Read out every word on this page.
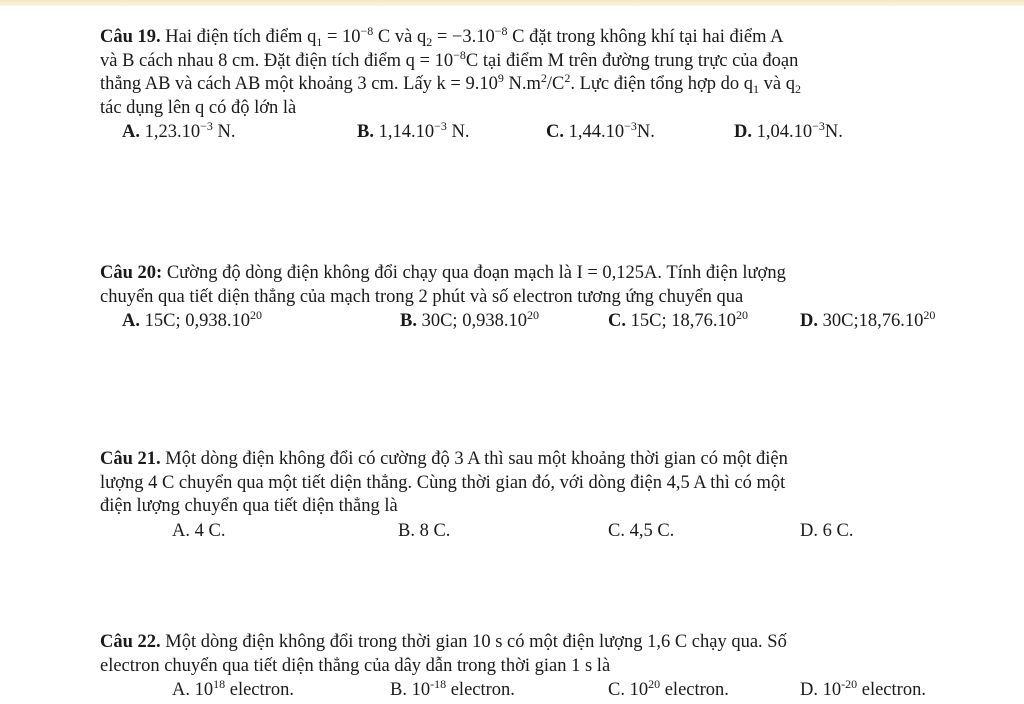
Câu 19. Hai điện tích điểm $q_1 = 10^{-8}$ C và $q_2 = -3.10^{-8}$ C đặt trong không khí tại hai điểm A

và B cách nhau 8 cm. Đặt điện tích điểm $q = 10^{-8}C$ tại điểm M trên đường trung trực của đoạn

thẳng AB và cách AB một khoảng 3 cm. Lấy $k = 9.10^9$ $N.m^2/C^2$. Lực điện tổng hợp do $q_1$ và $q_2$

tác dụng lên q có độ lớn là

A. $1,23.10^{-3}$ N.	B. $1,14.10^{-3}$ N.	C. $1,44.10^{-3}N$.	D. $1,04.10^{-3}N$.

Câu 20: Cường độ dòng điện không đổi chạy qua đoạn mạch là I = 0,125A. Tính điện lượng

chuyển qua tiết diện thẳng của mạch trong 2 phút và số electron tương ứng chuyển qua

A. 15C; 0,938.10$^{20}$	B. 30C; 0,938.10$^{20}$	C. 15C; 18,76.10$^{20}$	D. 30C;18,76.10$^{20}$

Câu 21. Một dòng điện không đổi có cường độ 3 A thì sau một khoảng thời gian có một điện

lượng 4 C chuyển qua một tiết diện thẳng. Cùng thời gian đó, với dòng điện 4,5 A thì có một

điện lượng chuyển qua tiết diện thẳng là

A. 4 C.	B. 8 C.	C. 4,5 C.	D. 6 C.

Câu 22. Một dòng điện không đổi trong thời gian 10 s có một điện lượng 1,6 C chạy qua. Số

electron chuyển qua tiết diện thẳng của dây dẫn trong thời gian 1 s là

A. $10^{18}$ electron.	B. $10^{-18}$ electron.	C. $10^{20}$ electron.	D. $10^{-20}$ electron.
